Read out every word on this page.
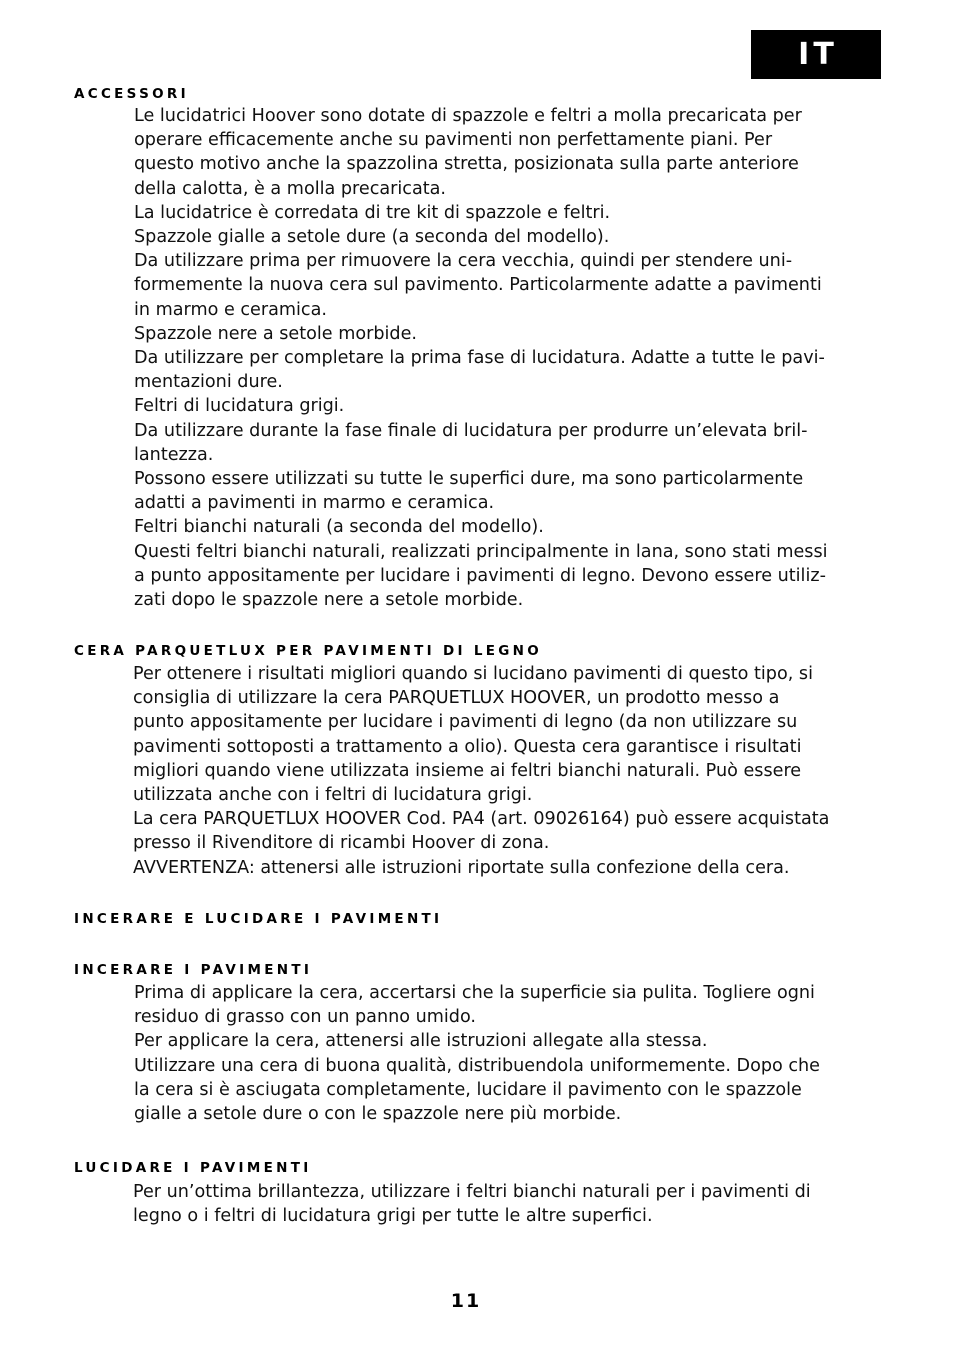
IT
ACCESSORI

Le lucidatrici Hoover sono dotate di spazzole e feltri a molla precaricata per

operare efficacemente anche su pavimenti non perfettamente piani. Per

questo motivo anche la spazzolina stretta, posizionata sulla parte anteriore

della calotta, è a molla precaricata.

La lucidatrice è corredata di tre kit di spazzole e feltri.

Spazzole gialle a setole dure (a seconda del modello).

Da utilizzare prima per rimuovere la cera vecchia, quindi per stendere uni-

formemente la nuova cera sul pavimento. Particolarmente adatte a pavimenti

in marmo e ceramica.

Spazzole nere a setole morbide.

Da utilizzare per completare la prima fase di lucidatura. Adatte a tutte le pavi-

mentazioni dure.

Feltri di lucidatura grigi.

Da utilizzare durante la fase finale di lucidatura per produrre un’elevata bril-

lantezza.

Possono essere utilizzati su tutte le superfici dure, ma sono particolarmente

adatti a pavimenti in marmo e ceramica.

Feltri bianchi naturali (a seconda del modello).

Questi feltri bianchi naturali, realizzati principalmente in lana, sono stati messi

a punto appositamente per lucidare i pavimenti di legno. Devono essere utiliz-

zati dopo le spazzole nere a setole morbide.

CERA PARQUETLUX PER PAVIMENTI DI LEGNO

Per ottenere i risultati migliori quando si lucidano pavimenti di questo tipo, si

consiglia di utilizzare la cera PARQUETLUX HOOVER, un prodotto messo a

punto appositamente per lucidare i pavimenti di legno (da non utilizzare su

pavimenti sottoposti a trattamento a olio). Questa cera garantisce i risultati

migliori quando viene utilizzata insieme ai feltri bianchi naturali. Può essere

utilizzata anche con i feltri di lucidatura grigi.

La cera PARQUETLUX HOOVER Cod. PA4 (art. 09026164) può essere acquistata

presso il Rivenditore di ricambi Hoover di zona.

AVVERTENZA: attenersi alle istruzioni riportate sulla confezione della cera.

INCERARE E LUCIDARE I PAVIMENTI
INCERARE I PAVIMENTI

Prima di applicare la cera, accertarsi che la superficie sia pulita. Togliere ogni

residuo di grasso con un panno umido.

Per applicare la cera, attenersi alle istruzioni allegate alla stessa.

Utilizzare una cera di buona qualità, distribuendola uniformemente. Dopo che

la cera si è asciugata completamente, lucidare il pavimento con le spazzole

gialle a setole dure o con le spazzole nere più morbide.

LUCIDARE I PAVIMENTI

Per un’ottima brillantezza, utilizzare i feltri bianchi naturali per i pavimenti di

legno o i feltri di lucidatura grigi per tutte le altre superfici.

11
